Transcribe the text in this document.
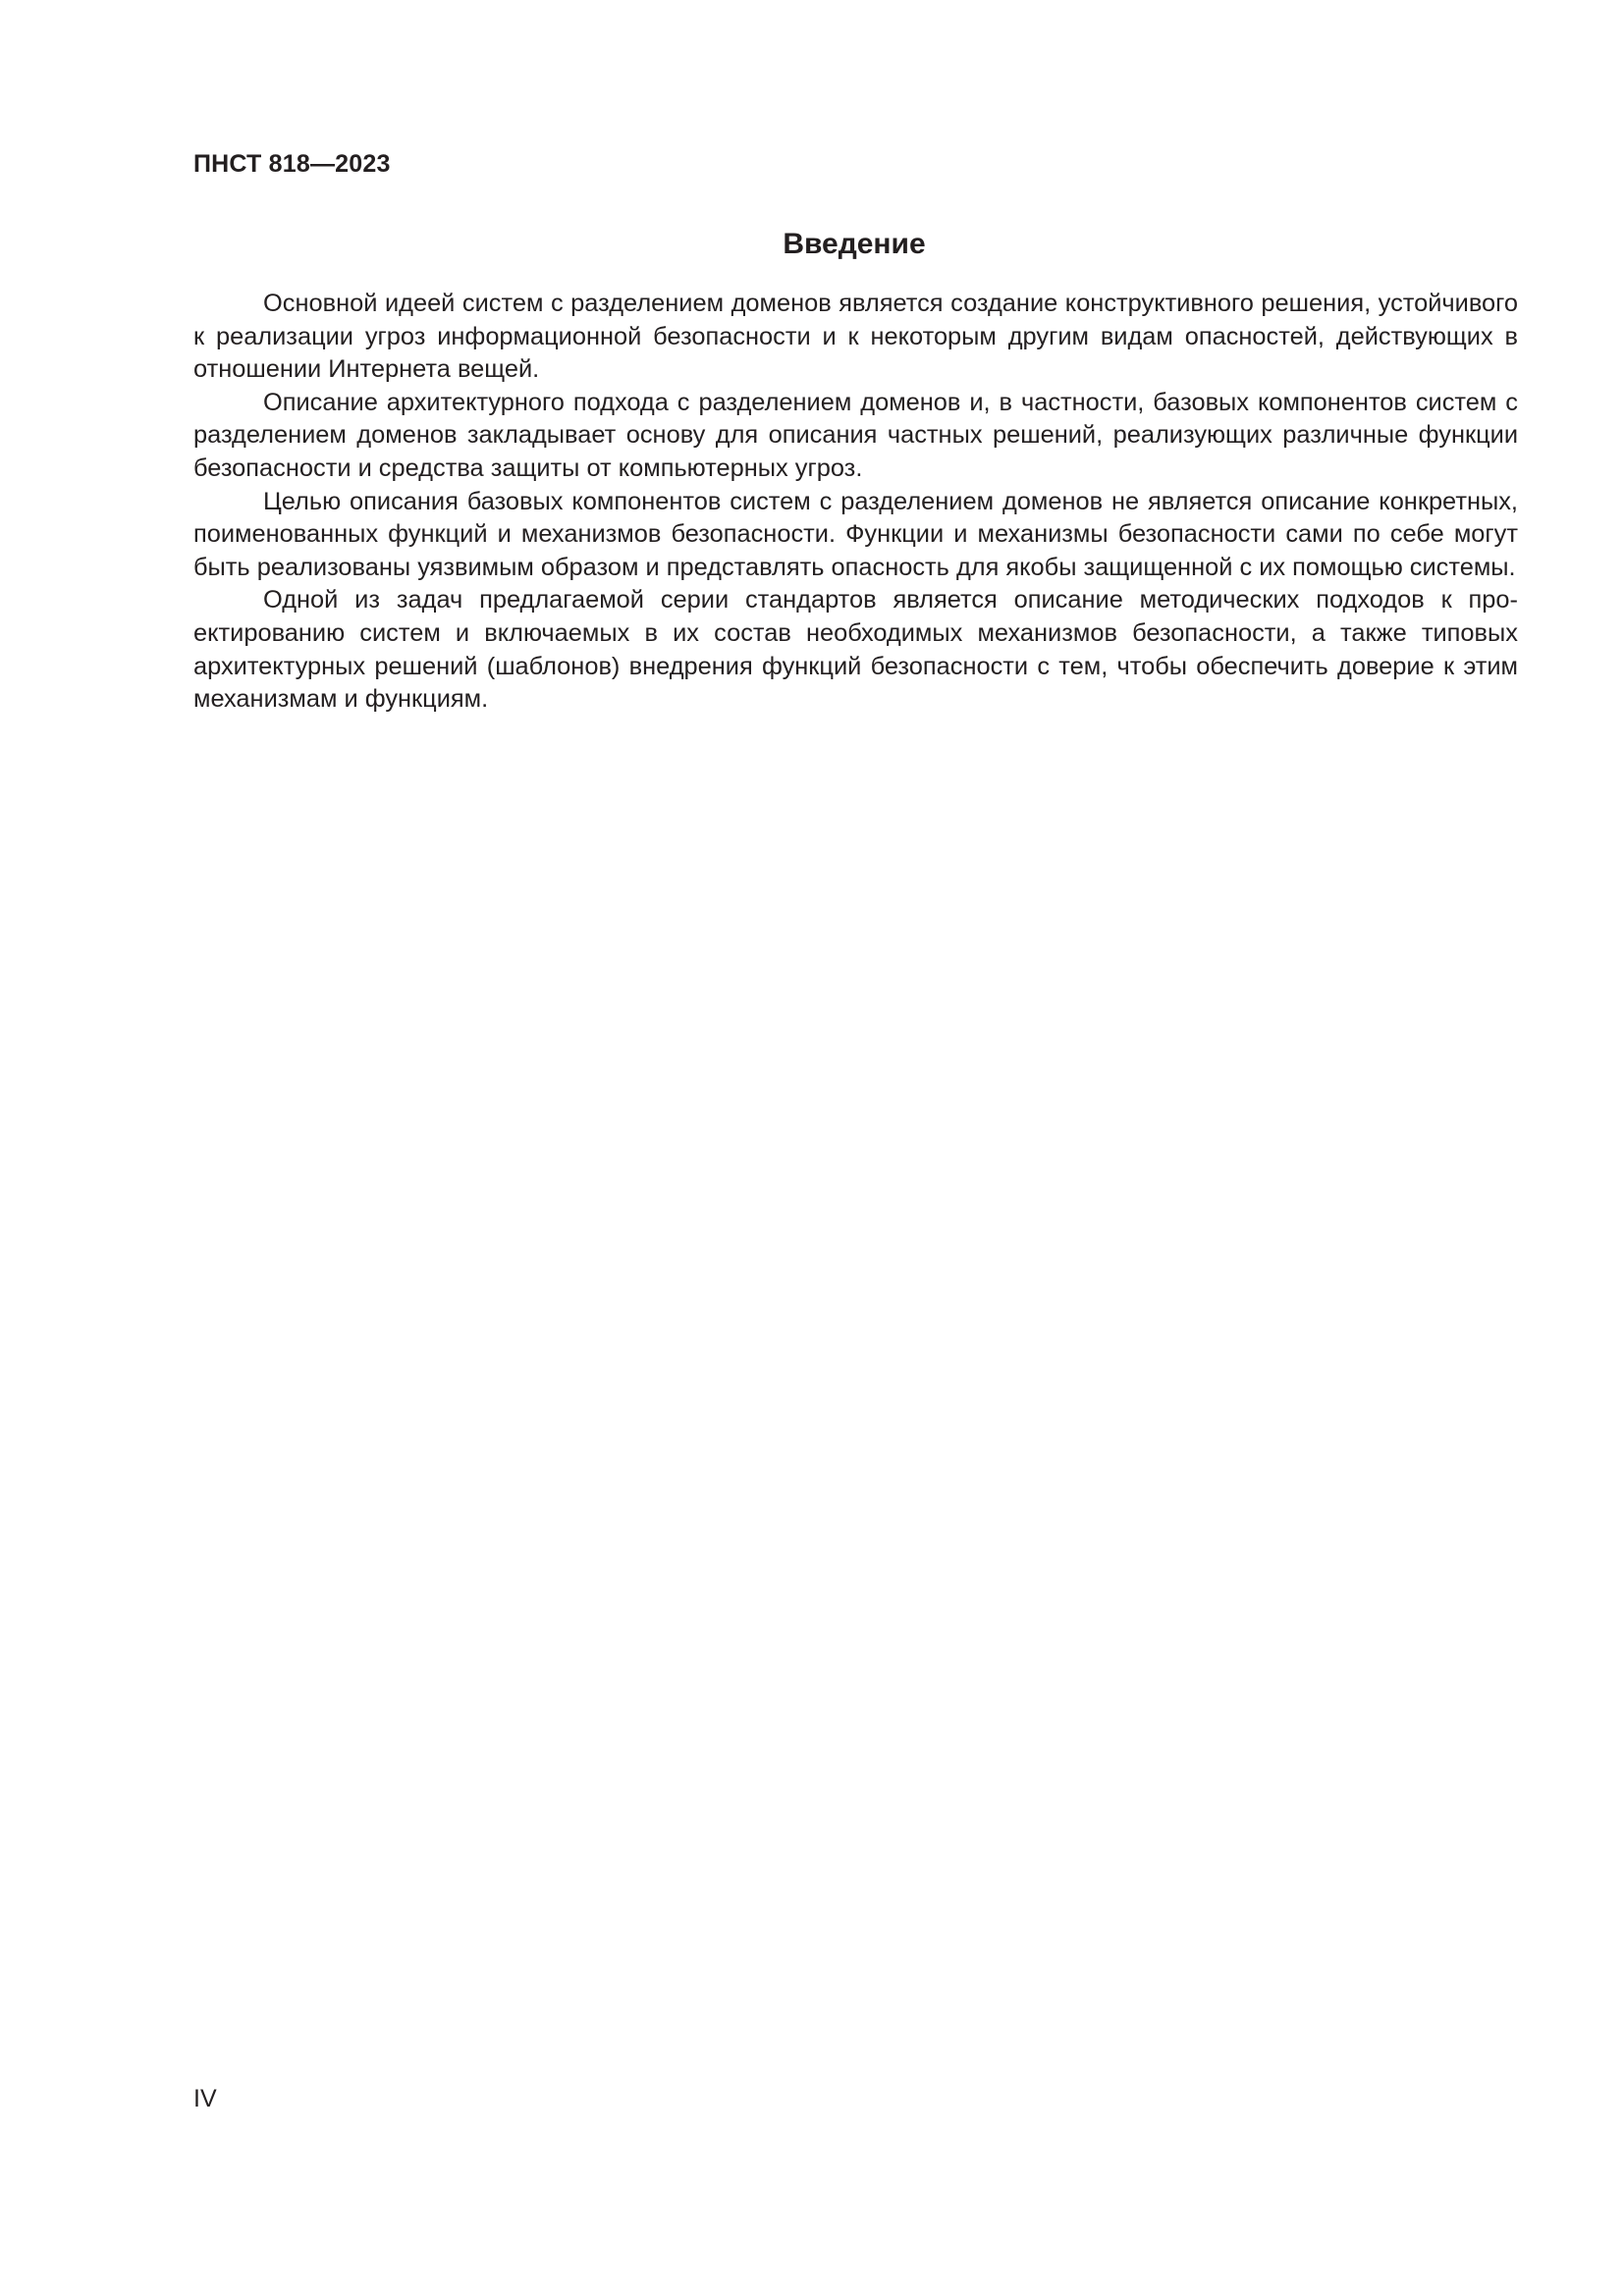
ПНСТ 818—2023
Введение

Основной идеей систем с разделением доменов является создание конструктивного решения, устойчивого к реализации угроз информационной безопасности и к некоторым другим видам опасностей, действующих в отношении Интернета вещей.

Описание архитектурного подхода с разделением доменов и, в частности, базовых компонентов систем с разделением доменов закладывает основу для описания частных решений, реализующих различные функции безопасности и средства защиты от компьютерных угроз.

Целью описания базовых компонентов систем с разделением доменов не является описание конкретных, поименованных функций и механизмов безопасности. Функции и механизмы безопасности сами по себе могут быть реализованы уязвимым образом и представлять опасность для якобы защищенной с их помощью системы.

Одной из задач предлагаемой серии стандартов является описание методических подходов к проектированию систем и включаемых в их состав необходимых механизмов безопасности, а также типовых архитектурных решений (шаблонов) внедрения функций безопасности с тем, чтобы обеспечить доверие к этим механизмам и функциям.

IV
